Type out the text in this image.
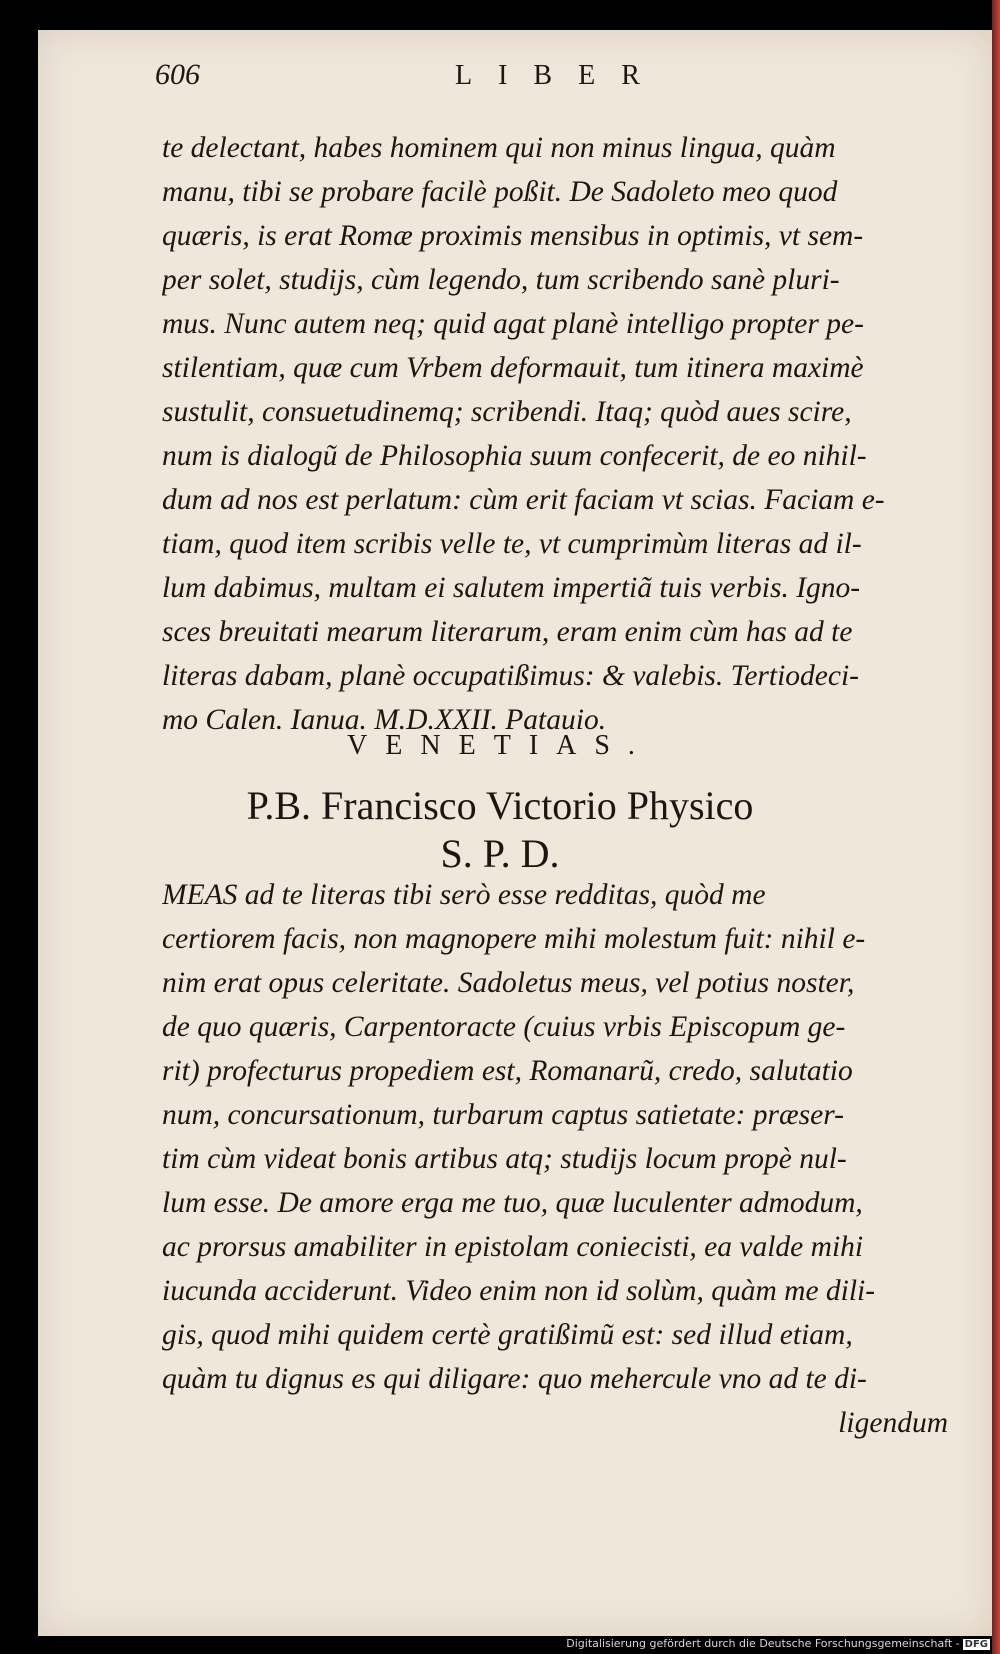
606	LIBER
te delectant, habes hominem qui non minus lingua, quàm
manu, tibi se probare facilè poßit. De Sadoleto meo quod
quæris, is erat Romæ proximis mensibus in optimis, vt sem-
per solet, studijs, cùm legendo, tum scribendo sanè pluri-
mus. Nunc autem neq; quid agat planè intelligo propter pe-
stilentiam, quæ cum Vrbem deformauit, tum itinera maximè
sustulit, consuetudinemq; scribendi. Itaq; quòd aues scire,
num is dialogũ de Philosophia suum confecerit, de eo nihil-
dum ad nos est perlatum: cùm erit faciam vt scias. Faciam e-
tiam, quod item scribis velle te, vt cumprimùm literas ad il-
lum dabimus, multam ei salutem impertiã tuis verbis. Igno-
sces breuitati mearum literarum, eram enim cùm has ad te
literas dabam, planè occupatißimus: & valebis. Tertiodeci-
mo Calen. Ianua. M.D.XXII. Patauio.
VENETIAS.
P.B. Francisco Victorio Physico
S. P. D.
MEAS ad te literas tibi serò esse redditas, quòd me
certiorem facis, non magnopere mihi molestum fuit: nihil e-
nim erat opus celeritate. Sadoletus meus, vel potius noster,
de quo quæris, Carpentoracte (cuius vrbis Episcopum ge-
rit) profecturus propediem est, Romanarũ, credo, salutatio
num, concursationum, turbarum captus satietate: præser-
tim cùm videat bonis artibus atq; studijs locum propè nul-
lum esse. De amore erga me tuo, quæ luculenter admodum,
ac prorsus amabiliter in epistolam coniecisti, ea valde mihi
iucunda acciderunt. Video enim non id solùm, quàm me dili-
gis, quod mihi quidem certè gratißimũ est: sed illud etiam,
quàm tu dignus es qui diligare: quo mehercule vno ad te di-
ligendum
Digitalisierung gefördert durch die Deutsche Forschungsgemeinschaft - DFG
